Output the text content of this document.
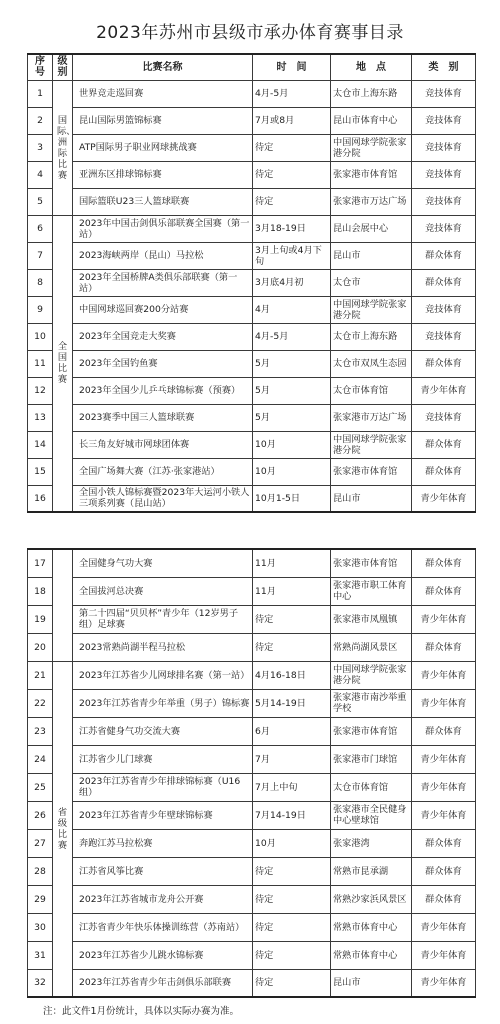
2023年苏州市县级市承办体育赛事目录
序号	级别	比赛名称	时　间	地　点	类　别
1	国际、洲际比赛	世界竞走巡回赛	4月-5月	太仓市上海东路	竞技体育
2		昆山国际男篮锦标赛	7月或8月	昆山市体育中心	竞技体育
3		ATP国际男子职业网球挑战赛	待定	中国网球学院张家港分院	竞技体育
4		亚洲东区排球锦标赛	待定	张家港市体育馆	竞技体育
5		国际篮联U23三人篮球联赛	待定	张家港市万达广场	竞技体育
6	全国比赛	2023年中国击剑俱乐部联赛全国赛（第一站）	3月18-19日	昆山会展中心	竞技体育
7		2023海峡两岸（昆山）马拉松	3月上旬或4月下旬	昆山市	群众体育
8		2023年全国桥牌A类俱乐部联赛（第一站）	3月底4月初	太仓市	群众体育
9		中国网球巡回赛200分站赛	4月	中国网球学院张家港分院	竞技体育
10		2023年全国竞走大奖赛	4月-5月	太仓市上海东路	竞技体育
11		2023年全国钓鱼赛	5月	太仓市双凤生态园	群众体育
12		2023年全国少儿乒乓球锦标赛（预赛）	5月	太仓市体育馆	青少年体育
13		2023赛季中国三人篮球联赛	5月	张家港市万达广场	竞技体育
14		长三角友好城市网球团体赛	10月	中国网球学院张家港分院	群众体育
15		全国广场舞大赛（江苏·张家港站）	10月	张家港市体育馆	群众体育
16		全国小铁人锦标赛暨2023年大运河小铁人三项系列赛（昆山站）	10月1-5日	昆山市	青少年体育
17		全国健身气功大赛	11月	张家港市体育馆	群众体育
18		全国拔河总决赛	11月	张家港市职工体育中心	群众体育
19		第二十四届“贝贝杯”青少年（12岁男子组）足球赛	待定	张家港市凤凰镇	青少年体育
20		2023常熟尚湖半程马拉松	待定	常熟尚湖风景区	群众体育
21	省级比赛	2023年江苏省少儿网球排名赛（第一站）	4月16-18日	中国网球学院张家港分院	青少年体育
22		2023年江苏省青少年举重（男子）锦标赛	5月14-19日	张家港市南沙举重学校	青少年体育
23		江苏省健身气功交流大赛	6月	张家港市体育馆	群众体育
24		江苏省少儿门球赛	7月	张家港市门球馆	青少年体育
25		2023年江苏省青少年排球锦标赛（U16组）	7月上中旬	太仓市体育馆	青少年体育
26		2023年江苏省青少年壁球锦标赛	7月14-19日	张家港市全民健身中心壁球馆	青少年体育
27		奔跑江苏马拉松赛	10月	张家港湾	群众体育
28		江苏省风筝比赛	待定	常熟市昆承湖	群众体育
29		2023年江苏省城市龙舟公开赛	待定	常熟沙家浜风景区	群众体育
30		江苏省青少年快乐体操训练营（苏南站）	待定	常熟市体育中心	青少年体育
31		2023年江苏省少儿跳水锦标赛	待定	常熟市体育中心	青少年体育
32		2023年江苏省青少年击剑俱乐部联赛	待定	昆山市	青少年体育
注：此文件1月份统计，具体以实际办赛为准。
